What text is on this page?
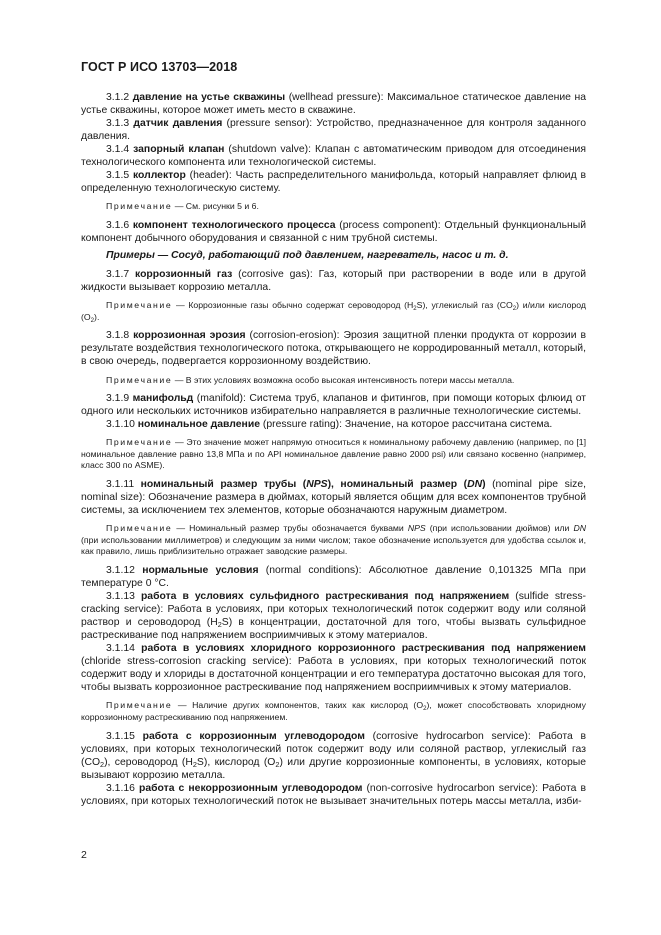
ГОСТ Р ИСО 13703—2018

3.1.2 давление на устье скважины (wellhead pressure): Максимальное статическое давление на устье скважины, которое может иметь место в скважине.

3.1.3 датчик давления (pressure sensor): Устройство, предназначенное для контроля заданного давления.

3.1.4 запорный клапан (shutdown valve): Клапан с автоматическим приводом для отсоединения технологического компонента или технологической системы.

3.1.5 коллектор (header): Часть распределительного манифольда, который направляет флюид в определенную технологическую систему.

Примечание — См. рисунки 5 и 6.

3.1.6 компонент технологического процесса (process component): Отдельный функциональный компонент добычного оборудования и связанной с ним трубной системы.

Примеры — Сосуд, работающий под давлением, нагреватель, насос и т. д.

3.1.7 коррозионный газ (corrosive gas): Газ, который при растворении в воде или в другой жидкости вызывает коррозию металла.

Примечание — Коррозионные газы обычно содержат сероводород $(H_2S)$, углекислый газ $(CO_2)$ и/или кислород $(O_2)$.

3.1.8 коррозионная эрозия (corrosion-erosion): Эрозия защитной пленки продукта от коррозии в результате воздействия технологического потока, открывающего не корродированный металл, который, в свою очередь, подвергается коррозионному воздействию.

Примечание — В этих условиях возможна особо высокая интенсивность потери массы металла.

3.1.9 манифольд (manifold): Система труб, клапанов и фитингов, при помощи которых флюид от одного или нескольких источников избирательно направляется в различные технологические системы.

3.1.10 номинальное давление (pressure rating): Значение, на которое рассчитана система.

Примечание — Это значение может напрямую относиться к номинальному рабочему давлению (например, по [1] номинальное давление равно 13,8 МПа и по API номинальное давление равно 2000 psi) или связано косвенно (например, класс 300 по ASME).

3.1.11 номинальный размер трубы (NPS), номинальный размер (DN) (nominal pipe size, nominal size): Обозначение размера в дюймах, который является общим для всех компонентов трубной системы, за исключением тех элементов, которые обозначаются наружным диаметром.

Примечание — Номинальный размер трубы обозначается буквами NPS (при использовании дюймов) или DN (при использовании миллиметров) и следующим за ними числом; такое обозначение используется для удобства ссылок и, как правило, лишь приблизительно отражает заводские размеры.

3.1.12 нормальные условия (normal conditions): Абсолютное давление 0,101325 МПа при температуре 0 °С.

3.1.13 работа в условиях сульфидного растрескивания под напряжением (sulfide stress-cracking service): Работа в условиях, при которых технологический поток содержит воду или соляной раствор и сероводород $(H_2S)$ в концентрации, достаточной для того, чтобы вызвать сульфидное растрескивание под напряжением восприимчивых к этому материалов.

3.1.14 работа в условиях хлоридного коррозионного растрескивания под напряжением (chloride stress-corrosion cracking service): Работа в условиях, при которых технологический поток содержит воду и хлориды в достаточной концентрации и его температура достаточно высокая для того, чтобы вызвать коррозионное растрескивание под напряжением восприимчивых к этому материалов.

Примечание — Наличие других компонентов, таких как кислород $(O_2)$, может способствовать хлоридному коррозионному растрескиванию под напряжением.

3.1.15 работа с коррозионным углеводородом (corrosive hydrocarbon service): Работа в условиях, при которых технологический поток содержит воду или соляной раствор, углекислый газ $(CO_2)$, сероводород $(H_2S)$, кислород $(O_2)$ или другие коррозионные компоненты, в условиях, которые вызывают коррозию металла.

3.1.16 работа с некоррозионным углеводородом (non-corrosive hydrocarbon service): Работа в условиях, при которых технологический поток не вызывает значительных потерь массы металла, изби-

2
